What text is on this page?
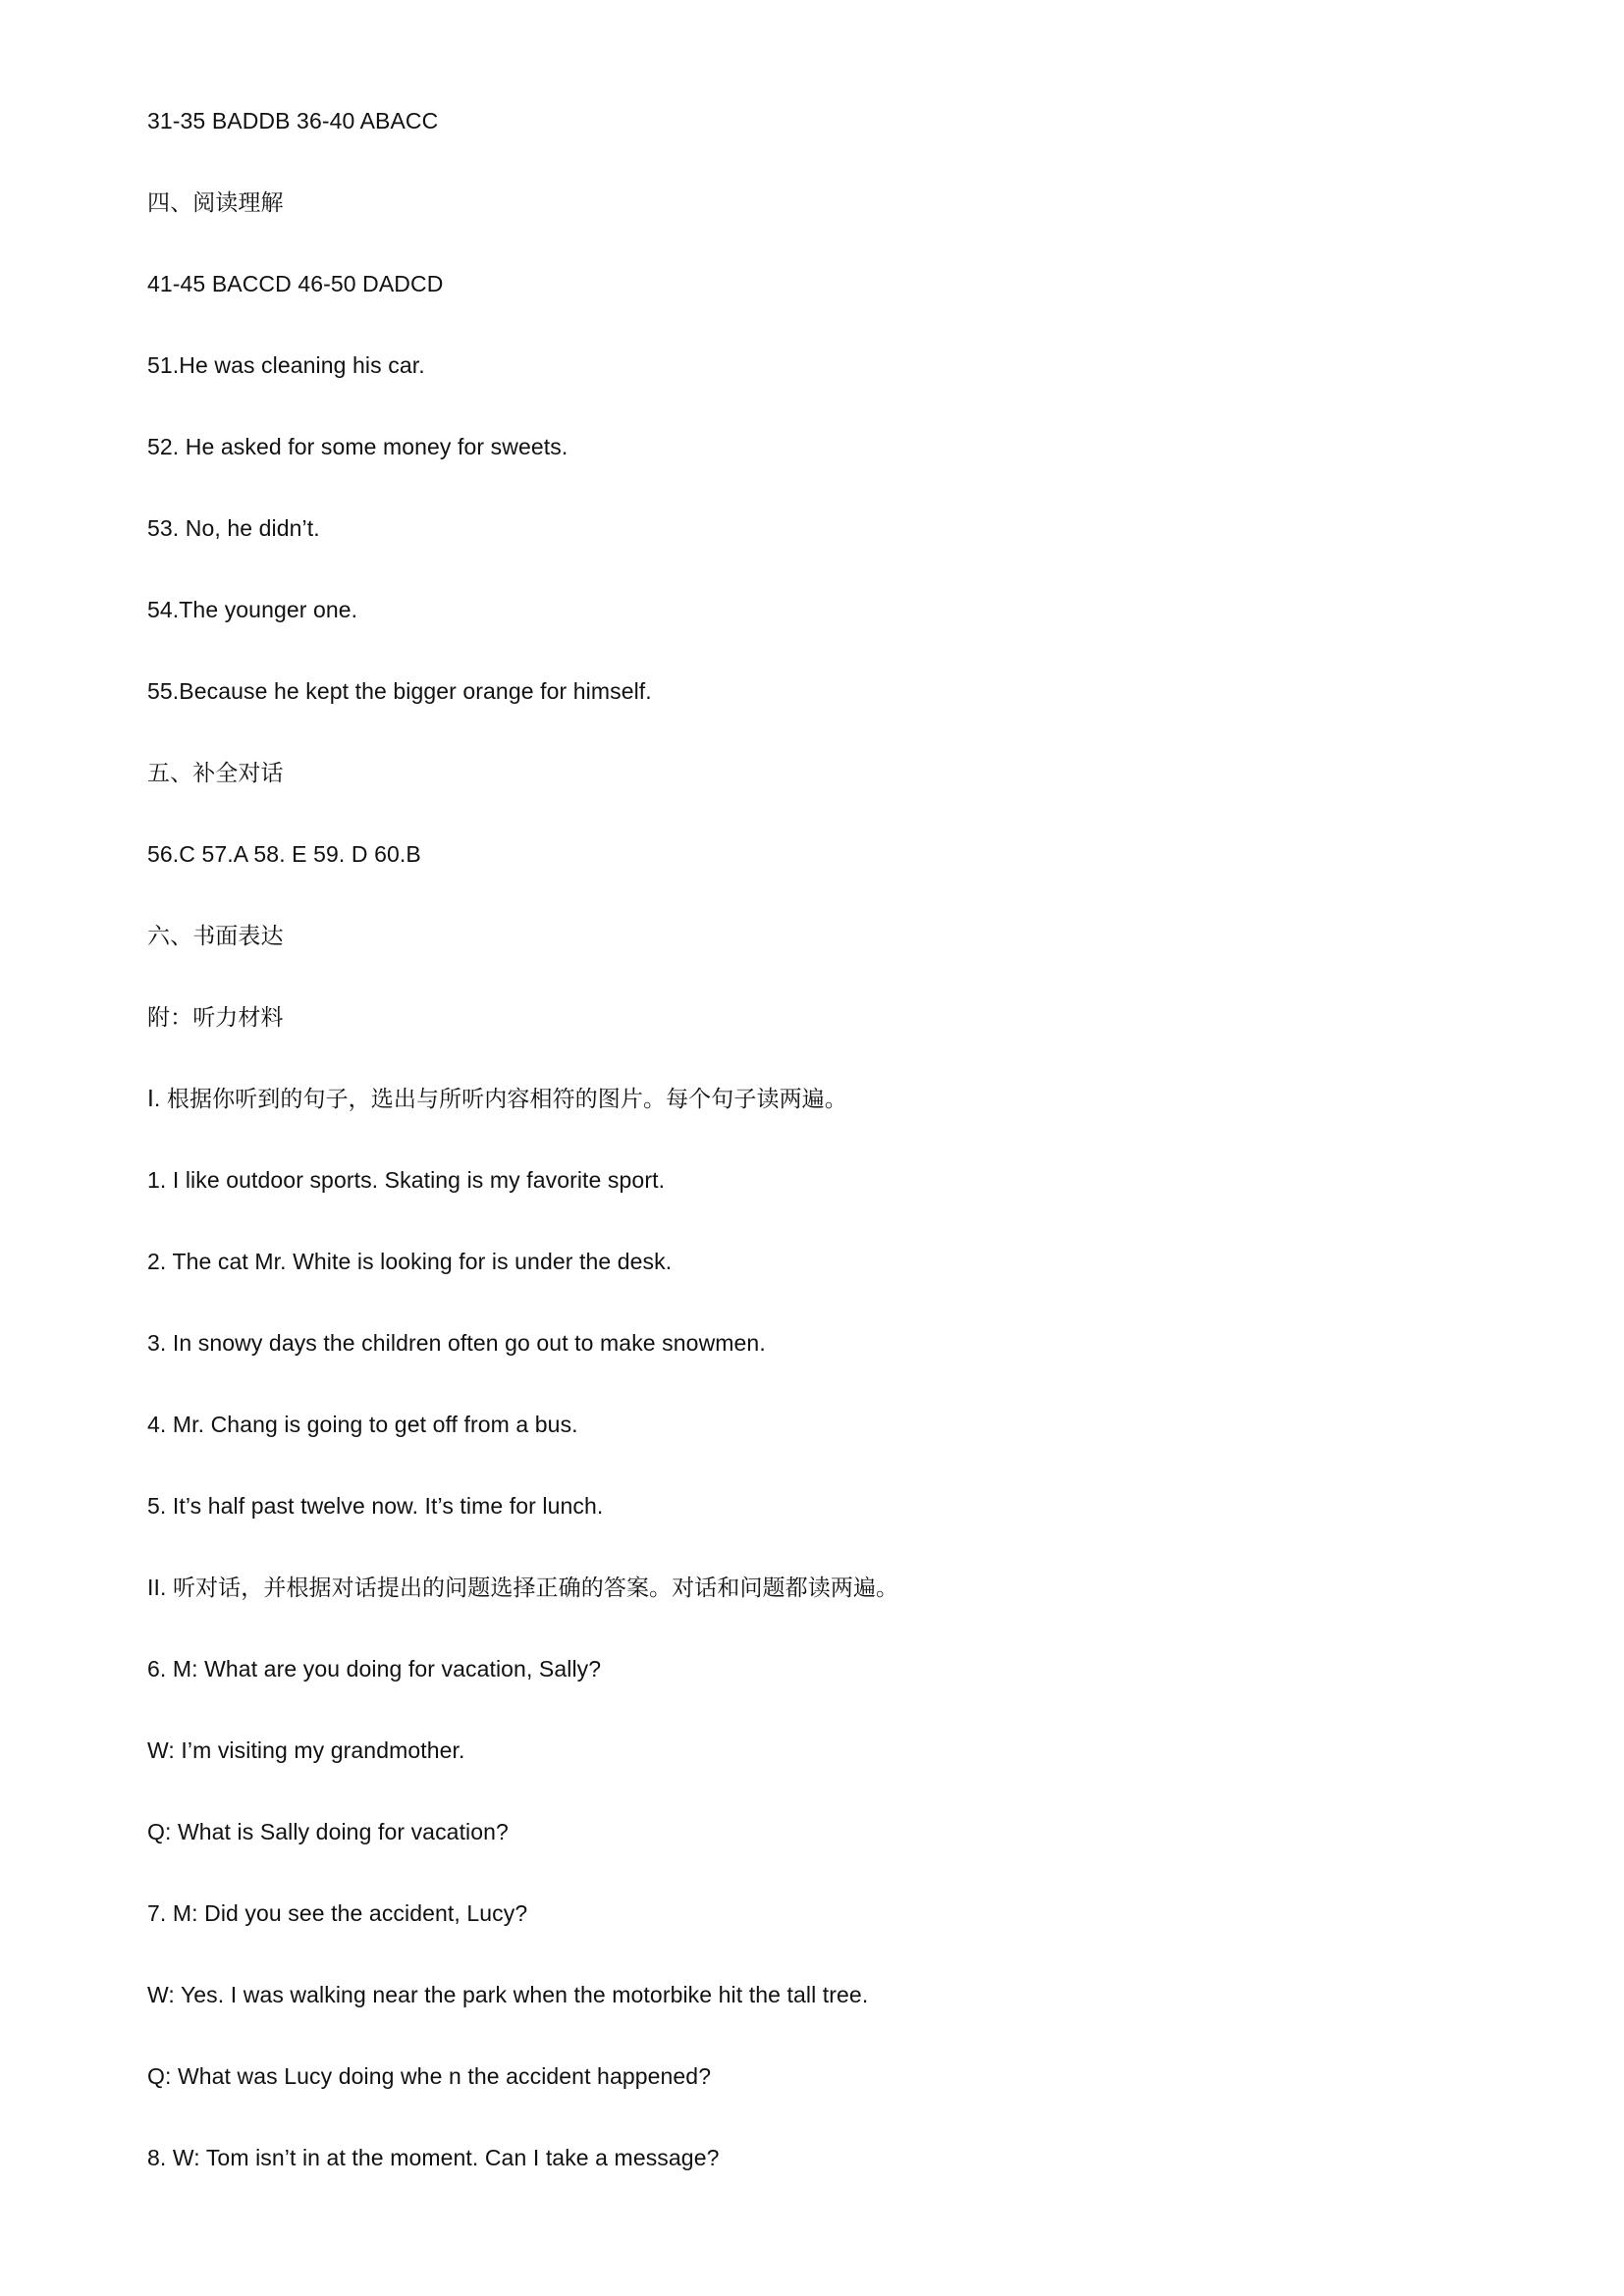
31-35 BADDB 36-40 ABACC
四、阅读理解
41-45 BACCD 46-50 DADCD
51.He was cleaning his car.
52. He asked for some money for sweets.
53. No, he didn’t.
54.The younger one.
55.Because he kept the bigger orange for himself.
五、补全对话
56.C 57.A 58. E 59. D 60.B
六、书面表达
附：听力材料
Ⅰ. 根据你听到的句子，选出与所听内容相符的图片。每个句子读两遍。
1. I like outdoor sports. Skating is my favorite sport.
2. The cat Mr. White is looking for is under the desk.
3. In snowy days the children often go out to make snowmen.
4. Mr. Chang is going to get off from a bus.
5. It’s half past twelve now. It’s time for lunch.
II. 听对话，并根据对话提出的问题选择正确的答案。对话和问题都读两遍。
6. M: What are you doing for vacation, Sally?
W: I’m visiting my grandmother.
Q: What is Sally doing for vacation?
7. M: Did you see the accident, Lucy?
W: Yes. I was walking near the park when the motorbike hit the tall tree.
Q: What was Lucy doing whe n the accident happened?
8. W: Tom isn’t in at the moment. Can I take a message?
